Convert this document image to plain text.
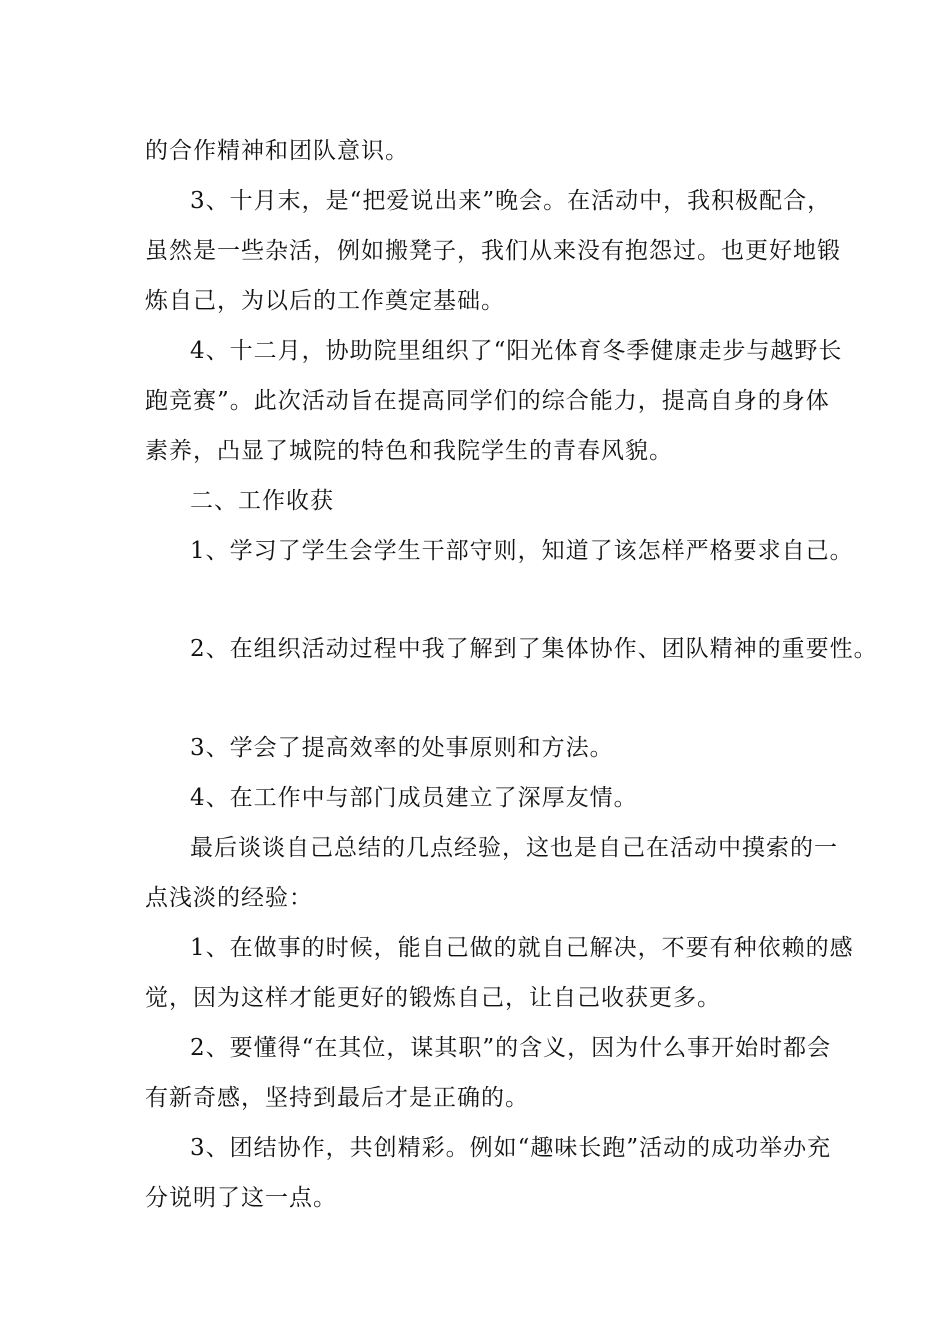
的合作精神和团队意识。
3、十月末，是“把爱说出来”晚会。在活动中，我积极配合，
虽然是一些杂活，例如搬凳子，我们从来没有抱怨过。也更好地锻
炼自己，为以后的工作奠定基础。
4、十二月，协助院里组织了“阳光体育冬季健康走步与越野长
跑竞赛”。此次活动旨在提高同学们的综合能力，提高自身的身体
素养，凸显了城院的特色和我院学生的青春风貌。
二、工作收获
1、学习了学生会学生干部守则，知道了该怎样严格要求自己。
2、在组织活动过程中我了解到了集体协作、团队精神的重要性。
3、学会了提高效率的处事原则和方法。
4、在工作中与部门成员建立了深厚友情。
最后谈谈自己总结的几点经验，这也是自己在活动中摸索的一
点浅淡的经验：
1、在做事的时候，能自己做的就自己解决，不要有种依赖的感
觉，因为这样才能更好的锻炼自己，让自己收获更多。
2、要懂得“在其位，谋其职”的含义，因为什么事开始时都会
有新奇感，坚持到最后才是正确的。
3、团结协作，共创精彩。例如“趣味长跑”活动的成功举办充
分说明了这一点。
